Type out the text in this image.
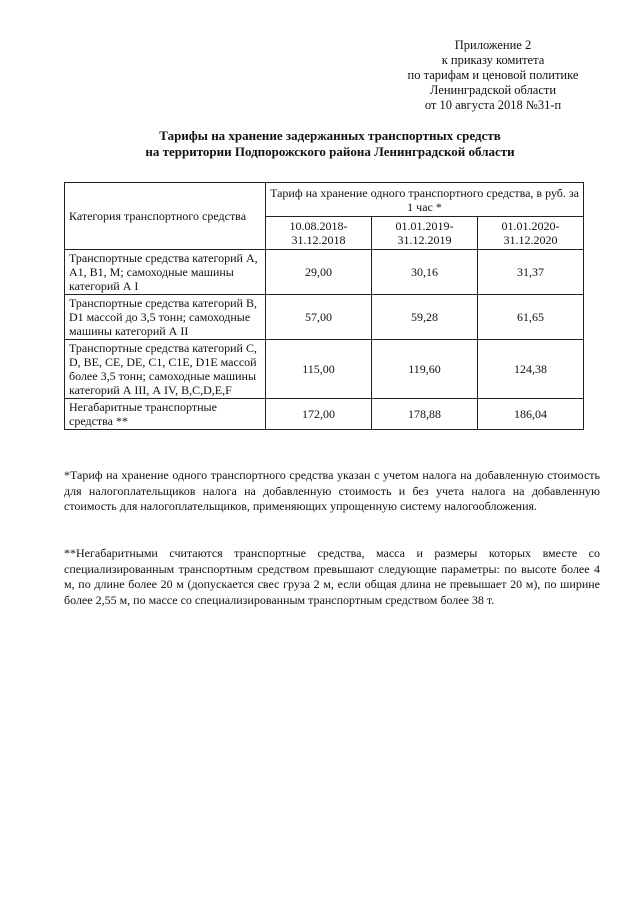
Приложение 2
к приказу комитета
по тарифам и ценовой политике
Ленинградской области
от 10 августа 2018 №31-п
Тарифы на хранение задержанных транспортных средств
на территории Подпорожского района Ленинградской области
Категория транспортного средства	Тариф на хранение одного транспортного средства, в руб. за 1 час *		
	10.08.2018-31.12.2018	01.01.2019-31.12.2019	01.01.2020-31.12.2020
Транспортные средства категорий А, А1, В1, М; самоходные машины категорий А I	29,00	30,16	31,37
Транспортные средства категорий В, D1 массой до 3,5 тонн; самоходные машины категорий А II	57,00	59,28	61,65
Транспортные средства категорий С, D, ВЕ, СЕ, DE, С1, С1Е, D1Е массой более 3,5 тонн; самоходные машины категорий А III, А IV, B,C,D,E,F	115,00	119,60	124,38
Негабаритные транспортные средства **	172,00	178,88	186,04
*Тариф на хранение одного транспортного средства указан с учетом налога на добавленную стоимость для налогоплательщиков налога на добавленную стоимость и без учета налога на добавленную стоимость для налогоплательщиков, применяющих упрощенную систему налогообложения.
**Негабаритными считаются транспортные средства, масса и размеры которых вместе со специализированным транспортным средством превышают следующие параметры: по высоте более 4 м, по длине более 20 м (допускается свес груза 2 м, если общая длина не превышает 20 м), по ширине более 2,55 м, по массе со специализированным транспортным средством более 38 т.
